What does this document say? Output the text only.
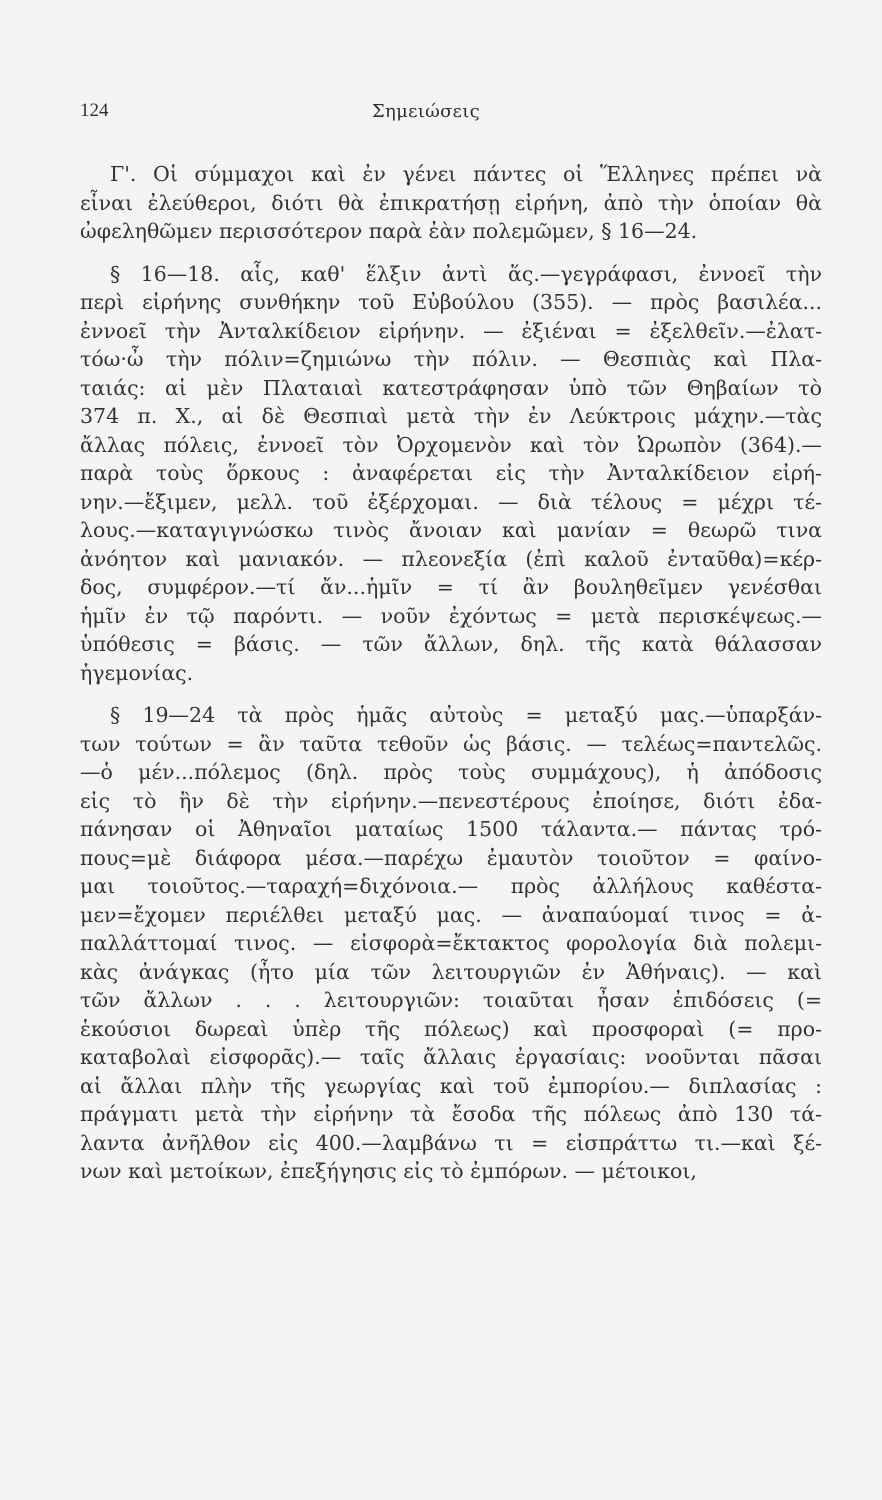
124	Σημειώσεις
Γ'. Οἱ σύμμαχοι καὶ ἐν γένει πάντες οἱ Ἕλληνες πρέπει νὰ
εἶναι ἐλεύθεροι, διότι θὰ ἐπικρατήσῃ εἰρήνη, ἀπὸ τὴν ὁποίαν θὰ
ὠφεληθῶμεν περισσότερον παρὰ ἐὰν πολεμῶμεν, § 16—24.
§ 16—18. αἷς, καθ' ἕλξιν ἀντὶ ἅς.—γεγράφασι, ἐννοεῖ τὴν
περὶ εἰρήνης συνθήκην τοῦ Εὐβούλου (355). — πρὸς βασιλέα...
ἐννοεῖ τὴν Ἀνταλκίδειον εἰρήνην. — ἐξιέναι = ἐξελθεῖν.—ἐλατ-
τόω·ὦ τὴν πόλιν=ζημιώνω τὴν πόλιν. — Θεσπιὰς καὶ Πλα-
ταιάς: αἱ μὲν Πλαταιαὶ κατεστράφησαν ὑπὸ τῶν Θηβαίων τὸ
374 π. Χ., αἱ δὲ Θεσπιαὶ μετὰ τὴν ἐν Λεύκτροις μάχην.—τὰς
ἄλλας πόλεις, ἐννοεῖ τὸν Ὀρχομενὸν καὶ τὸν Ὠρωπὸν (364).—
παρὰ τοὺς ὅρκους : ἀναφέρεται εἰς τὴν Ἀνταλκίδειον εἰρή-
νην.—ἔξιμεν, μελλ. τοῦ ἐξέρχομαι. — διὰ τέλους = μέχρι τέ-
λους.—καταγιγνώσκω τινὸς ἄνοιαν καὶ μανίαν = θεωρῶ τινα
ἀνόητον καὶ μανιακόν. — πλεονεξία (ἐπὶ καλοῦ ἐνταῦθα)=κέρ-
δος, συμφέρον.—τί ἄν...ἡμῖν = τί ἂν βουληθεῖμεν γενέσθαι
ἡμῖν ἐν τῷ παρόντι. — νοῦν ἐχόντως = μετὰ περισκέψεως.—
ὑπόθεσις = βάσις. — τῶν ἄλλων, δηλ. τῆς κατὰ θάλασσαν
ἡγεμονίας.
§ 19—24 τὰ πρὸς ἡμᾶς αὐτοὺς = μεταξύ μας.—ὑπαρξάν-
των τούτων = ἂν ταῦτα τεθοῦν ὡς βάσις. — τελέως=παντελῶς.
—ὁ μέν...πόλεμος (δηλ. πρὸς τοὺς συμμάχους), ἡ ἀπόδοσις
εἰς τὸ ἣν δὲ τὴν εἰρήνην.—πενεστέρους ἐποίησε, διότι ἐδα-
πάνησαν οἱ Ἀθηναῖοι ματαίως 1500 τάλαντα.— πάντας τρό-
πους=μὲ διάφορα μέσα.—παρέχω ἐμαυτὸν τοιοῦτον = φαίνο-
μαι τοιοῦτος.—ταραχή=διχόνοια.— πρὸς ἀλλήλους καθέστα-
μεν=ἔχομεν περιέλθει μεταξύ μας. — ἀναπαύομαί τινος = ἀ-
παλλάττομαί τινος. — εἰσφορὰ=ἔκτακτος φορολογία διὰ πολεμι-
κὰς ἀνάγκας (ἦτο μία τῶν λειτουργιῶν ἐν Ἀθήναις). — καὶ
τῶν ἄλλων . . . λειτουργιῶν: τοιαῦται ἦσαν ἐπιδόσεις (=
ἑκούσιοι δωρεαὶ ὑπὲρ τῆς πόλεως) καὶ προσφοραὶ (= προ-
καταβολαὶ εἰσφορᾶς).— ταῖς ἄλλαις ἐργασίαις: νοοῦνται πᾶσαι
αἱ ἄλλαι πλὴν τῆς γεωργίας καὶ τοῦ ἐμπορίου.— διπλασίας :
πράγματι μετὰ τὴν εἰρήνην τὰ ἔσοδα τῆς πόλεως ἀπὸ 130 τά-
λαντα ἀνῆλθον εἰς 400.—λαμβάνω τι = εἰσπράττω τι.—καὶ ξέ-
νων καὶ μετοίκων, ἐπεξήγησις εἰς τὸ ἐμπόρων. — μέτοικοι,
